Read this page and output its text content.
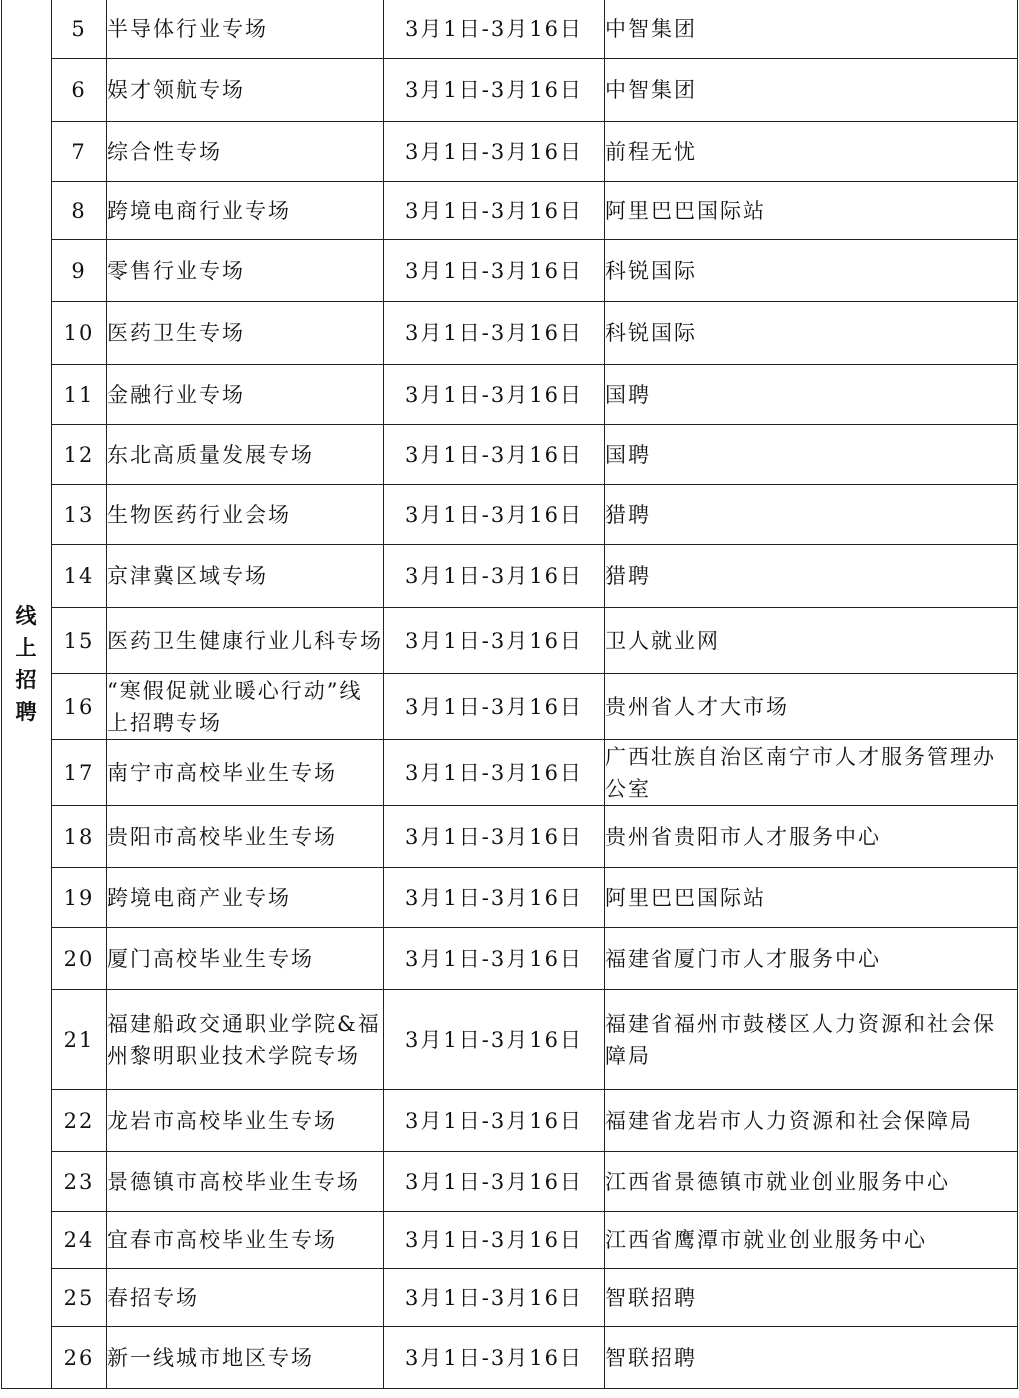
线上招聘	5	半导体行业专场	3月1日-3月16日	中智集团
	6	娱才领航专场	3月1日-3月16日	中智集团
	7	综合性专场	3月1日-3月16日	前程无忧
	8	跨境电商行业专场	3月1日-3月16日	阿里巴巴国际站
	9	零售行业专场	3月1日-3月16日	科锐国际
	10	医药卫生专场	3月1日-3月16日	科锐国际
	11	金融行业专场	3月1日-3月16日	国聘
	12	东北高质量发展专场	3月1日-3月16日	国聘
	13	生物医药行业会场	3月1日-3月16日	猎聘
	14	京津冀区域专场	3月1日-3月16日	猎聘
	15	医药卫生健康行业儿科专场	3月1日-3月16日	卫人就业网
	16	“寒假促就业暖心行动”线上招聘专场	3月1日-3月16日	贵州省人才大市场
	17	南宁市高校毕业生专场	3月1日-3月16日	广西壮族自治区南宁市人才服务管理办公室
	18	贵阳市高校毕业生专场	3月1日-3月16日	贵州省贵阳市人才服务中心
	19	跨境电商产业专场	3月1日-3月16日	阿里巴巴国际站
	20	厦门高校毕业生专场	3月1日-3月16日	福建省厦门市人才服务中心
	21	福建船政交通职业学院&福州黎明职业技术学院专场	3月1日-3月16日	福建省福州市鼓楼区人力资源和社会保障局
	22	龙岩市高校毕业生专场	3月1日-3月16日	福建省龙岩市人力资源和社会保障局
	23	景德镇市高校毕业生专场	3月1日-3月16日	江西省景德镇市就业创业服务中心
	24	宜春市高校毕业生专场	3月1日-3月16日	江西省鹰潭市就业创业服务中心
	25	春招专场	3月1日-3月16日	智联招聘
	26	新一线城市地区专场	3月1日-3月16日	智联招聘
